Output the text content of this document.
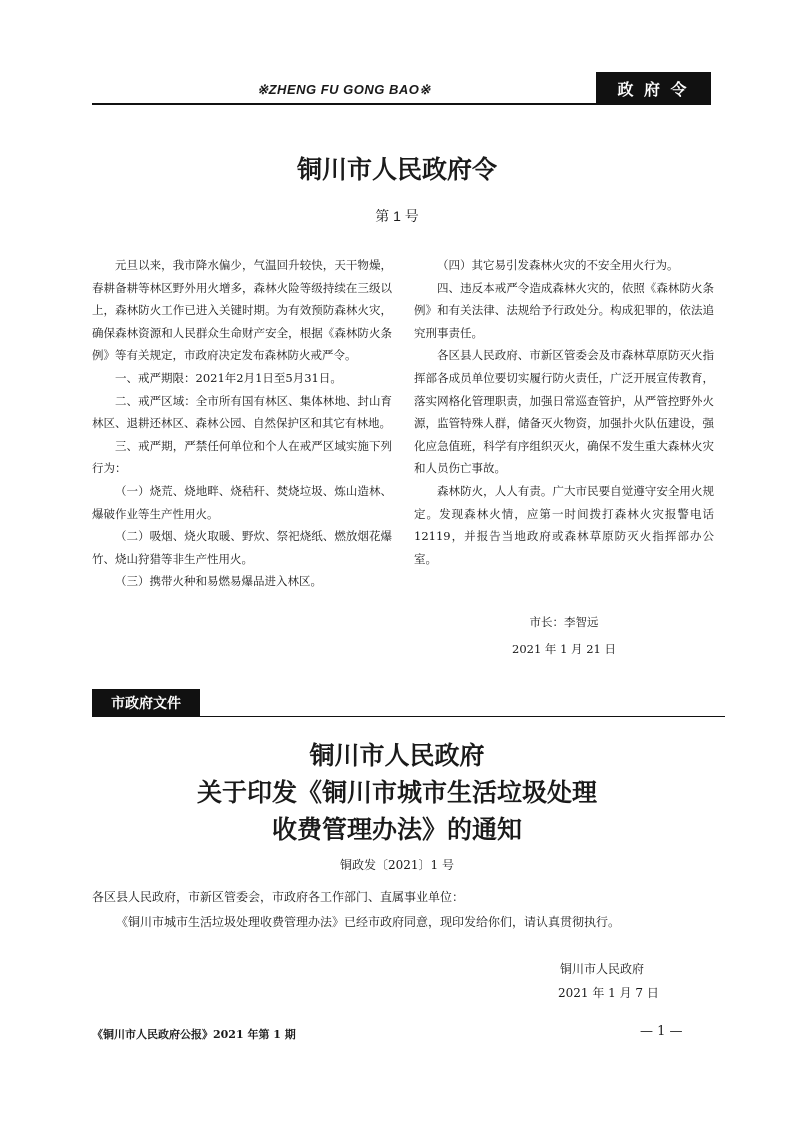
※ZHENG FU GONG BAO※	政 府 令
铜川市人民政府令
第 1 号

元旦以来，我市降水偏少，气温回升较快，天干物燥，春耕备耕等林区野外用火增多，森林火险等级持续在三级以上，森林防火工作已进入关键时期。为有效预防森林火灾，确保森林资源和人民群众生命财产安全，根据《森林防火条例》等有关规定，市政府决定发布森林防火戒严令。

一、戒严期限：2021年2月1日至5月31日。

二、戒严区域：全市所有国有林区、集体林地、封山育林区、退耕还林区、森林公园、自然保护区和其它有林地。

三、戒严期，严禁任何单位和个人在戒严区域实施下列行为：

（一）烧荒、烧地畔、烧秸秆、焚烧垃圾、炼山造林、爆破作业等生产性用火。

（二）吸烟、烧火取暖、野炊、祭祀烧纸、燃放烟花爆竹、烧山狩猎等非生产性用火。

（三）携带火种和易燃易爆品进入林区。

（四）其它易引发森林火灾的不安全用火行为。

四、违反本戒严令造成森林火灾的，依照《森林防火条例》和有关法律、法规给予行政处分。构成犯罪的，依法追究刑事责任。

各区县人民政府、市新区管委会及市森林草原防灭火指挥部各成员单位要切实履行防火责任，广泛开展宣传教育，落实网格化管理职责，加强日常巡查管护，从严管控野外火源，监管特殊人群，储备灭火物资，加强扑火队伍建设，强化应急值班，科学有序组织灭火，确保不发生重大森林火灾和人员伤亡事故。

森林防火，人人有责。广大市民要自觉遵守安全用火规定。发现森林火情，应第一时间拨打森林火灾报警电话 12119，并报告当地政府或森林草原防灭火指挥部办公室。

市长：李智远
2021 年 1 月 21 日
市政府文件
铜川市人民政府
关于印发《铜川市城市生活垃圾处理
收费管理办法》的通知
铜政发〔2021〕1 号
各区县人民政府，市新区管委会，市政府各工作部门、直属事业单位：
《铜川市城市生活垃圾处理收费管理办法》已经市政府同意，现印发给你们，请认真贯彻执行。
铜川市人民政府
2021 年 1 月 7 日
《铜川市人民政府公报》2021 年第 1 期	— 1 —
